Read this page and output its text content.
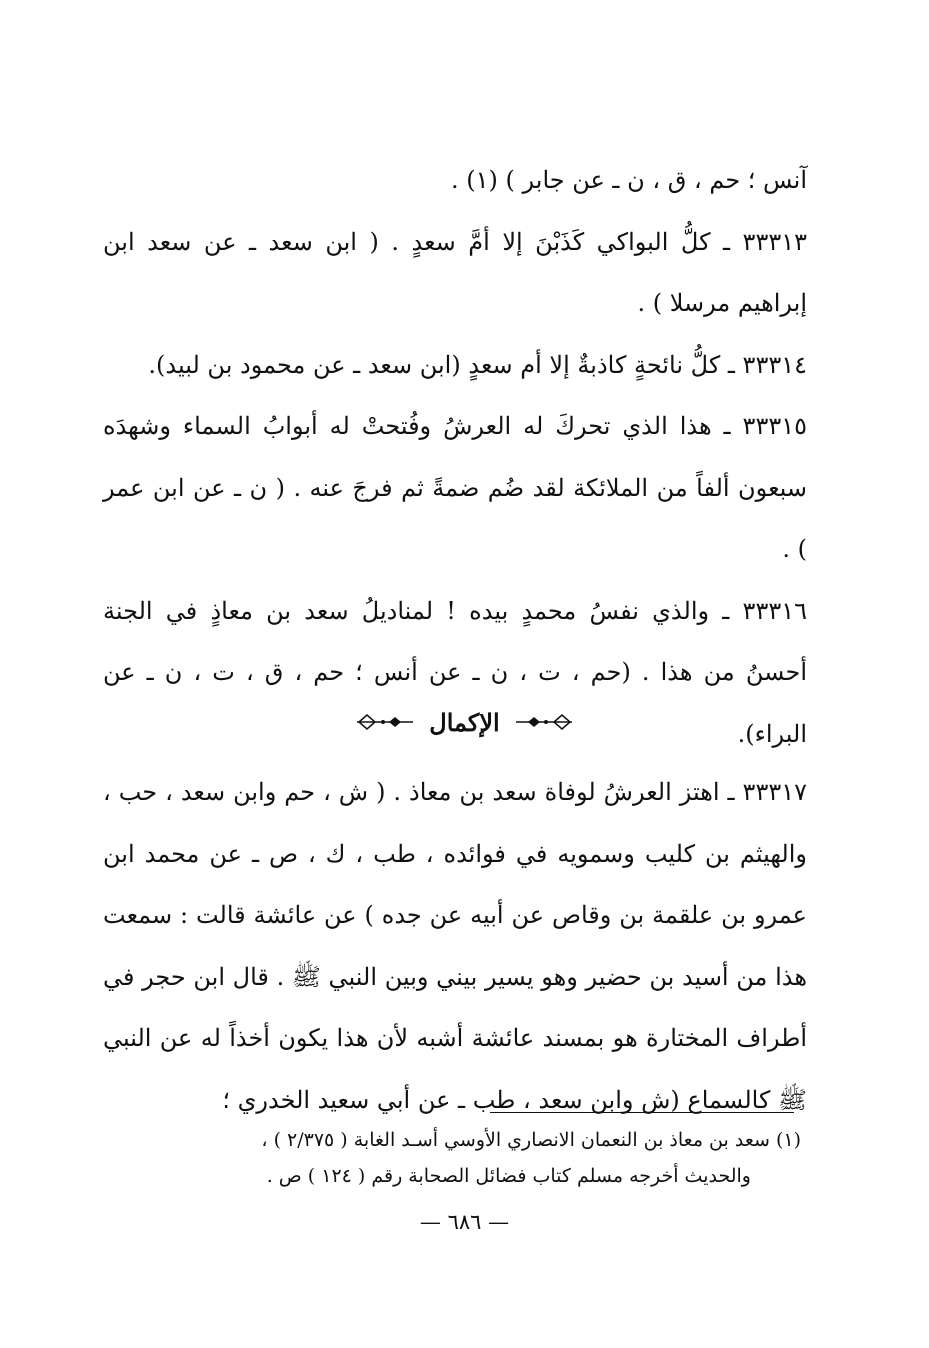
آنس ؛ حم ، ق ، ن ـ عن جابر ) (١) .

٣٣٣١٣ ـ كلُّ البواكي كَذَبْنَ إلا أمَّ سعدٍ . ( ابن سعد ـ عن سعد ابن إبراهيم مرسلا ) .

٣٣٣١٤ ـ كلُّ نائحةٍ كاذبةٌ إلا أم سعدٍ (ابن سعد ـ عن محمود بن لبيد).

٣٣٣١٥ ـ هذا الذي تحركَ له العرشُ وفُتحتْ له أبوابُ السماء وشهدَه سبعون ألفاً من الملائكة لقد ضُم ضمةً ثم فرجَ عنه . ( ن ـ عن ابن عمر ) .

٣٣٣١٦ ـ والذي نفسُ محمدٍ بيده ! لمناديلُ سعد بن معاذٍ في الجنة أحسنُ من هذا . (حم ، ت ، ن ـ عن أنس ؛ حم ، ق ، ت ، ن ـ عن البراء).

الإكمال

٣٣٣١٧ ـ اهتز العرشُ لوفاة سعد بن معاذ . ( ش ، حم وابن سعد ، حب ، والهيثم بن كليب وسمويه في فوائده ، طب ، ك ، ص ـ عن محمد ابن عمرو بن علقمة بن وقاص عن أبيه عن جده ) عن عائشة قالت : سمعت هذا من أسيد بن حضير وهو يسير بيني وبين النبي ﷺ . قال ابن حجر في أطراف المختارة هو بمسند عائشة أشبه لأن هذا يكون أخذاً له عن النبي ﷺ كالسماع (ش وابن سعد ، طب ـ عن أبي سعيد الخدري ؛

(١) سعد بن معاذ بن النعمان الانصاري الأوسي أسـد الغابة ( ٢/٣٧٥ ) ،

والحديث أخرجه مسلم كتاب فضائل الصحابة رقم ( ١٢٤ ) ص .

— ٦٨٦ —
